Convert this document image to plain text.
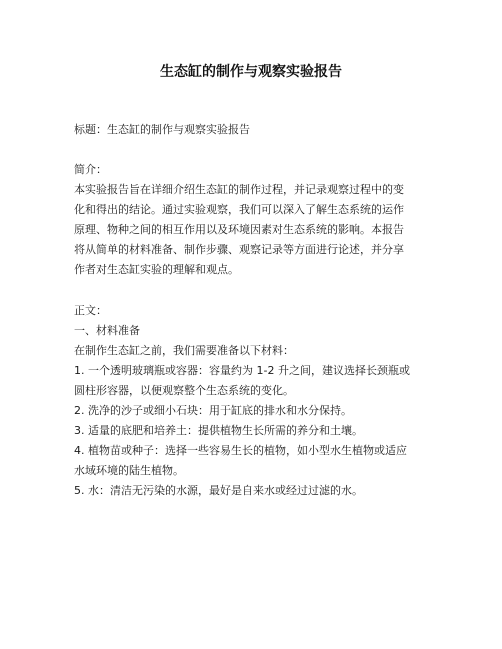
生态缸的制作与观察实验报告

标题：生态缸的制作与观察实验报告

简介：

本实验报告旨在详细介绍生态缸的制作过程，并记录观察过程中的变

化和得出的结论。通过实验观察，我们可以深入了解生态系统的运作

原理、物种之间的相互作用以及环境因素对生态系统的影响。本报告

将从简单的材料准备、制作步骤、观察记录等方面进行论述，并分享

作者对生态缸实验的理解和观点。

正文：

一、材料准备

在制作生态缸之前，我们需要准备以下材料：

1. 一个透明玻璃瓶或容器：容量约为 1-2 升之间，建议选择长颈瓶或

圆柱形容器，以便观察整个生态系统的变化。

2. 洗净的沙子或细小石块：用于缸底的排水和水分保持。

3. 适量的底肥和培养土：提供植物生长所需的养分和土壤。

4. 植物苗或种子：选择一些容易生长的植物，如小型水生植物或适应

水域环境的陆生植物。

5. 水：清洁无污染的水源，最好是自来水或经过过滤的水。
